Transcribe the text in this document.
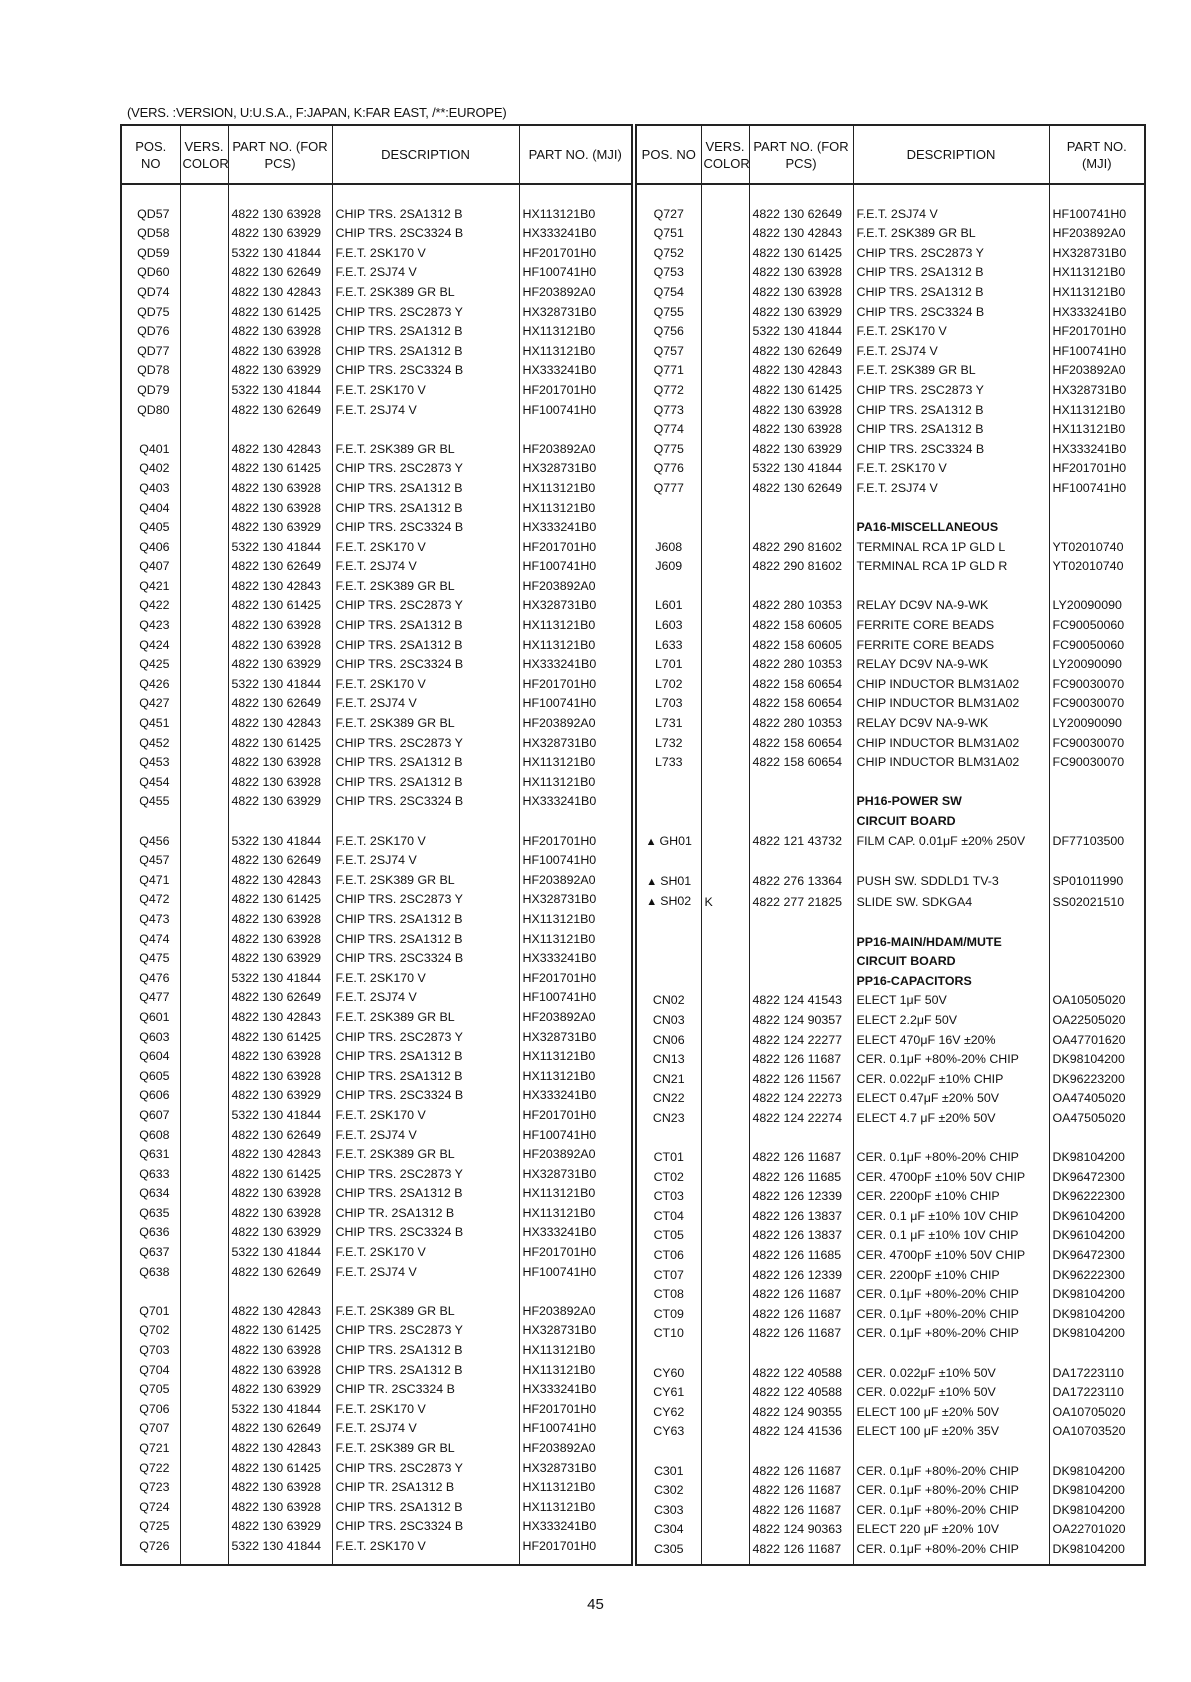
(VERS. :VERSION, U:U.S.A., F:JAPAN, K:FAR EAST, /**:EUROPE)
POS. NO	VERS. COLOR	PART NO. (FOR PCS)	DESCRIPTION	PART NO. (MJI)

QD57		4822 130 63928	CHIP TRS. 2SA1312 B	HX113121B0
QD58		4822 130 63929	CHIP TRS. 2SC3324 B	HX333241B0
QD59		5322 130 41844	F.E.T. 2SK170 V	HF201701H0
QD60		4822 130 62649	F.E.T. 2SJ74 V	HF100741H0
QD74		4822 130 42843	F.E.T. 2SK389 GR BL	HF203892A0
QD75		4822 130 61425	CHIP TRS. 2SC2873 Y	HX328731B0
QD76		4822 130 63928	CHIP TRS. 2SA1312 B	HX113121B0
QD77		4822 130 63928	CHIP TRS. 2SA1312 B	HX113121B0
QD78		4822 130 63929	CHIP TRS. 2SC3324 B	HX333241B0
QD79		5322 130 41844	F.E.T. 2SK170 V	HF201701H0
QD80		4822 130 62649	F.E.T. 2SJ74 V	HF100741H0

Q401		4822 130 42843	F.E.T. 2SK389 GR BL	HF203892A0
Q402		4822 130 61425	CHIP TRS. 2SC2873 Y	HX328731B0
Q403		4822 130 63928	CHIP TRS. 2SA1312 B	HX113121B0
Q404		4822 130 63928	CHIP TRS. 2SA1312 B	HX113121B0
Q405		4822 130 63929	CHIP TRS. 2SC3324 B	HX333241B0
Q406		5322 130 41844	F.E.T. 2SK170 V	HF201701H0
Q407		4822 130 62649	F.E.T. 2SJ74 V	HF100741H0
Q421		4822 130 42843	F.E.T. 2SK389 GR BL	HF203892A0
Q422		4822 130 61425	CHIP TRS. 2SC2873 Y	HX328731B0
Q423		4822 130 63928	CHIP TRS. 2SA1312 B	HX113121B0
Q424		4822 130 63928	CHIP TRS. 2SA1312 B	HX113121B0
Q425		4822 130 63929	CHIP TRS. 2SC3324 B	HX333241B0
Q426		5322 130 41844	F.E.T. 2SK170 V	HF201701H0
Q427		4822 130 62649	F.E.T. 2SJ74 V	HF100741H0
Q451		4822 130 42843	F.E.T. 2SK389 GR BL	HF203892A0
Q452		4822 130 61425	CHIP TRS. 2SC2873 Y	HX328731B0
Q453		4822 130 63928	CHIP TRS. 2SA1312 B	HX113121B0
Q454		4822 130 63928	CHIP TRS. 2SA1312 B	HX113121B0
Q455		4822 130 63929	CHIP TRS. 2SC3324 B	HX333241B0

Q456		5322 130 41844	F.E.T. 2SK170 V	HF201701H0
Q457		4822 130 62649	F.E.T. 2SJ74 V	HF100741H0
Q471		4822 130 42843	F.E.T. 2SK389 GR BL	HF203892A0
Q472		4822 130 61425	CHIP TRS. 2SC2873 Y	HX328731B0
Q473		4822 130 63928	CHIP TRS. 2SA1312 B	HX113121B0
Q474		4822 130 63928	CHIP TRS. 2SA1312 B	HX113121B0
Q475		4822 130 63929	CHIP TRS. 2SC3324 B	HX333241B0
Q476		5322 130 41844	F.E.T. 2SK170 V	HF201701H0
Q477		4822 130 62649	F.E.T. 2SJ74 V	HF100741H0
Q601		4822 130 42843	F.E.T. 2SK389 GR BL	HF203892A0
Q603		4822 130 61425	CHIP TRS. 2SC2873 Y	HX328731B0
Q604		4822 130 63928	CHIP TRS. 2SA1312 B	HX113121B0
Q605		4822 130 63928	CHIP TRS. 2SA1312 B	HX113121B0
Q606		4822 130 63929	CHIP TRS. 2SC3324 B	HX333241B0
Q607		5322 130 41844	F.E.T. 2SK170 V	HF201701H0
Q608		4822 130 62649	F.E.T. 2SJ74 V	HF100741H0
Q631		4822 130 42843	F.E.T. 2SK389 GR BL	HF203892A0
Q633		4822 130 61425	CHIP TRS. 2SC2873 Y	HX328731B0
Q634		4822 130 63928	CHIP TRS. 2SA1312 B	HX113121B0
Q635		4822 130 63928	CHIP TR. 2SA1312 B	HX113121B0
Q636		4822 130 63929	CHIP TRS. 2SC3324 B	HX333241B0
Q637		5322 130 41844	F.E.T. 2SK170 V	HF201701H0
Q638		4822 130 62649	F.E.T. 2SJ74 V	HF100741H0

Q701		4822 130 42843	F.E.T. 2SK389 GR BL	HF203892A0
Q702		4822 130 61425	CHIP TRS. 2SC2873 Y	HX328731B0
Q703		4822 130 63928	CHIP TRS. 2SA1312 B	HX113121B0
Q704		4822 130 63928	CHIP TRS. 2SA1312 B	HX113121B0
Q705		4822 130 63929	CHIP TR. 2SC3324 B	HX333241B0
Q706		5322 130 41844	F.E.T. 2SK170 V	HF201701H0
Q707		4822 130 62649	F.E.T. 2SJ74 V	HF100741H0
Q721		4822 130 42843	F.E.T. 2SK389 GR BL	HF203892A0
Q722		4822 130 61425	CHIP TRS. 2SC2873 Y	HX328731B0
Q723		4822 130 63928	CHIP TR. 2SA1312 B	HX113121B0
Q724		4822 130 63928	CHIP TRS. 2SA1312 B	HX113121B0
Q725		4822 130 63929	CHIP TRS. 2SC3324 B	HX333241B0
Q726		5322 130 41844	F.E.T. 2SK170 V	HF201701H0

POS. NO	VERS. COLOR	PART NO. (FOR PCS)	DESCRIPTION	PART NO. (MJI)

Q727		4822 130 62649	F.E.T. 2SJ74 V	HF100741H0
Q751		4822 130 42843	F.E.T. 2SK389 GR BL	HF203892A0
Q752		4822 130 61425	CHIP TRS. 2SC2873 Y	HX328731B0
Q753		4822 130 63928	CHIP TRS. 2SA1312 B	HX113121B0
Q754		4822 130 63928	CHIP TRS. 2SA1312 B	HX113121B0
Q755		4822 130 63929	CHIP TRS. 2SC3324 B	HX333241B0
Q756		5322 130 41844	F.E.T. 2SK170 V	HF201701H0
Q757		4822 130 62649	F.E.T. 2SJ74 V	HF100741H0
Q771		4822 130 42843	F.E.T. 2SK389 GR BL	HF203892A0
Q772		4822 130 61425	CHIP TRS. 2SC2873 Y	HX328731B0
Q773		4822 130 63928	CHIP TRS. 2SA1312 B	HX113121B0
Q774		4822 130 63928	CHIP TRS. 2SA1312 B	HX113121B0
Q775		4822 130 63929	CHIP TRS. 2SC3324 B	HX333241B0
Q776		5322 130 41844	F.E.T. 2SK170 V	HF201701H0
Q777		4822 130 62649	F.E.T. 2SJ74 V	HF100741H0

			PA16-MISCELLANEOUS	
J608		4822 290 81602	TERMINAL RCA 1P GLD L	YT02010740
J609		4822 290 81602	TERMINAL RCA 1P GLD R	YT02010740

L601		4822 280 10353	RELAY DC9V NA-9-WK	LY20090090
L603		4822 158 60605	FERRITE CORE BEADS	FC90050060
L633		4822 158 60605	FERRITE CORE BEADS	FC90050060
L701		4822 280 10353	RELAY DC9V NA-9-WK	LY20090090
L702		4822 158 60654	CHIP INDUCTOR BLM31A02	FC90030070
L703		4822 158 60654	CHIP INDUCTOR BLM31A02	FC90030070
L731		4822 280 10353	RELAY DC9V NA-9-WK	LY20090090
L732		4822 158 60654	CHIP INDUCTOR BLM31A02	FC90030070
L733		4822 158 60654	CHIP INDUCTOR BLM31A02	FC90030070

			PH16-POWER SW	
			CIRCUIT BOARD	
▲ GH01		4822 121 43732	FILM CAP. 0.01μF ±20% 250V	DF77103500

▲ SH01		4822 276 13364	PUSH SW. SDDLD1 TV-3	SP01011990
▲ SH02	K	4822 277 21825	SLIDE SW. SDKGA4	SS02021510

			PP16-MAIN/HDAM/MUTE	
			CIRCUIT BOARD	
			PP16-CAPACITORS	
CN02		4822 124 41543	ELECT 1μF 50V	OA10505020
CN03		4822 124 90357	ELECT 2.2μF 50V	OA22505020
CN06		4822 124 22277	ELECT 470μF 16V ±20%	OA47701620
CN13		4822 126 11687	CER. 0.1μF +80%-20% CHIP	DK98104200
CN21		4822 126 11567	CER. 0.022μF ±10% CHIP	DK96223200
CN22		4822 124 22273	ELECT 0.47μF ±20% 50V	OA47405020
CN23		4822 124 22274	ELECT 4.7 μF ±20% 50V	OA47505020

CT01		4822 126 11687	CER. 0.1μF +80%-20% CHIP	DK98104200
CT02		4822 126 11685	CER. 4700pF ±10% 50V CHIP	DK96472300
CT03		4822 126 12339	CER. 2200pF ±10% CHIP	DK96222300
CT04		4822 126 13837	CER. 0.1 μF ±10% 10V CHIP	DK96104200
CT05		4822 126 13837	CER. 0.1 μF ±10% 10V CHIP	DK96104200
CT06		4822 126 11685	CER. 4700pF ±10% 50V CHIP	DK96472300
CT07		4822 126 12339	CER. 2200pF ±10% CHIP	DK96222300
CT08		4822 126 11687	CER. 0.1μF +80%-20% CHIP	DK98104200
CT09		4822 126 11687	CER. 0.1μF +80%-20% CHIP	DK98104200
CT10		4822 126 11687	CER. 0.1μF +80%-20% CHIP	DK98104200

CY60		4822 122 40588	CER. 0.022μF ±10% 50V	DA17223110
CY61		4822 122 40588	CER. 0.022μF ±10% 50V	DA17223110
CY62		4822 124 90355	ELECT 100 μF ±20% 50V	OA10705020
CY63		4822 124 41536	ELECT 100 μF ±20% 35V	OA10703520

C301		4822 126 11687	CER. 0.1μF +80%-20% CHIP	DK98104200
C302		4822 126 11687	CER. 0.1μF +80%-20% CHIP	DK98104200
C303		4822 126 11687	CER. 0.1μF +80%-20% CHIP	DK98104200
C304		4822 124 90363	ELECT 220 μF ±20% 10V	OA22701020
C305		4822 126 11687	CER. 0.1μF +80%-20% CHIP	DK98104200

45
